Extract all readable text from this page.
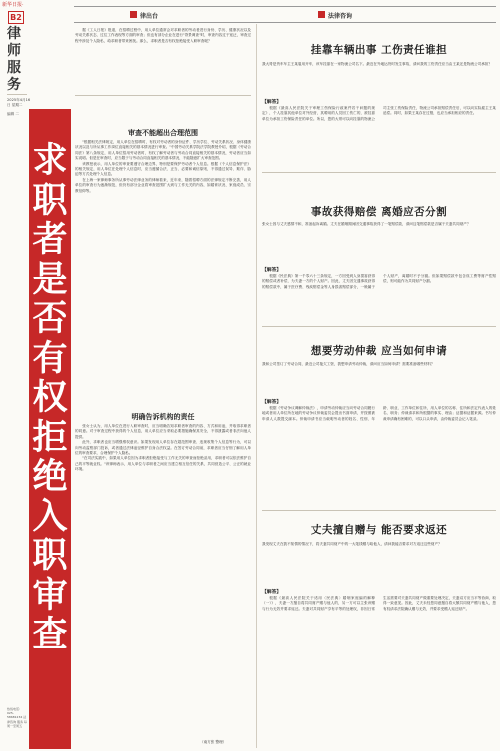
新华日报·
B2
律师服务
2025年4月16日 星期二
编辑 二
热线电话：025-58681234 法律咨询 服务 每周一至周五
求职者是否有权拒绝入职审查
律出台	法律咨询

据《工人日报》报道，在招聘过程中，用人单位通常会对求职者的劳动者进行身份、学历、健康状况以及劳动关系状态、过往工作表现等方面的审查；但也有部分企业在进行"背景调查"时，审查内容过于宽泛，审查过程中涉及个人隐私，给求职者带来困扰。那么，求职者是否有权拒绝接受入职审查呢？

审查不能超出合理范围

"根据相关法律规定，用人单位在招聘时，有权对劳动者的身份证件、学历学位、劳动关系状况、身体健康状况以及与所从事工作岗位直接相关的基本情况进行审查。"中国劳动关系学院法学院教授介绍，根据《劳动合同法》第八条规定，用人单位招用劳动者时，有权了解劳动者与劳动合同直接相关的基本情况，劳动者应当如实说明。但是在审查时，应当限于与劳动合同直接相关的基本情况，不能随意扩大审查范围。

该教授表示，用人单位的审查要遵守合理边界，特别是要保护劳动者个人信息。根据《个人信息保护法》的相关规定，用人单位在处理个人信息时，应当遵循合法、正当、必要和诚信原则，不得通过误导、欺诈、胁迫等方式处理个人信息。

在上海一家律师事务所从事劳动法律业务的律师看来，近年来，随着招聘方面的法律规定不断完善，用人单位的审查行为逐渐规范，但仍有部分企业将审查范围扩大到与工作无关的内容，如婚育状况、家庭成员、宗教信仰等。

明确告诉机构的责任

张女士认为，用人单位在进行入职审查时，应当明确告知求职者审查的内容、方式和用途，并取得求职者的同意。对于审查过程中获得的个人信息，用人单位应当采取必要措施确保其安全，不得泄露或者非法向他人提供。

此外，求职者也应当增强维权意识。如果发现用人单位存在超范围审查、违规收集个人信息等行为，可以向劳动监察部门投诉，或者通过法律途径维护自身合法权益。在签订劳动合同前，求职者应当仔细了解用人单位的审查要求，合理保护个人隐私。

"在司法实践中，如果用人单位因为求职者拒绝接受与工作无关的审查而拒绝录用，求职者可以依法维护自己的平等就业权。"该律师表示，用人单位与求职者之间应当建立相互信任的关系，共同营造公平、公正的就业环境。

（南方张 整理）
挂靠车辆出事 工伤责任谁担
我大哥是货车车主王某雇用开车，该车挂靠在一家物流公司名下。最近在外地运货时发生事故，请问我的工伤责任应当由王某还是物流公司承担？
【解答】

根据《最高人民法院关于审理工伤保险行政案件若干问题的规定》，个人挂靠其他单位对外经营，其聘用的人员因工伤亡的，被挂靠单位为承担工伤保险责任的单位。所以，您的大哥可以向挂靠的物流公司主张工伤保险责任，物流公司承担赔偿责任后，可以向实际雇主王某追偿。同时，如果王某存在过错，也应当承担相应的责任。

事故获得赔偿 离婚应否分割
张女士因与丈夫感情不和，准备起诉离婚。丈夫在婚姻期间因交通事故获得了一笔赔偿款，请问这笔赔偿款是否属于夫妻共同财产？
【解答】

根据《民法典》第一千零六十三条规定，一方因受到人身损害获得的赔偿或者补偿，为夫妻一方的个人财产。因此，丈夫因交通事故获得的赔偿款中，属于医疗费、残疾赔偿金等人身损害赔偿部分，一般属于个人财产，离婚时不予分割。但如果赔偿款中包含误工费等财产性赔偿，则可能作为共同财产分割。

想要劳动仲裁 应当如何申请
我和公司签订了劳动合同，最近公司拖欠工资，我想申请劳动仲裁，请问应当如何申请？需要准备哪些材料？
【解答】

根据《劳动争议调解仲裁法》，申请劳动仲裁应当向劳动合同履行地或者用人单位所在地的劳动争议仲裁委员会提出书面申请，并按照被申请人人数提交副本。仲裁申请书应当载明劳动者的姓名、性别、年龄、职业、工作单位和住所，用人单位的名称、住所和法定代表人的姓名、职务；仲裁请求和所根据的事实、理由；证据和证据来源。书写仲裁申请确有困难的，可以口头申请，由仲裁委员会记入笔录。

丈夫擅自赠与 能否要求返还
我发现丈夫在我不知情的情况下，将夫妻共同财产中的一大笔钱赠与给他人，请问我能否要求对方返还这些财产？
【解答】

根据《最高人民法院关于适用〈民法典〉婚姻家庭编的解释（一）》，夫妻一方擅自将共同财产赠与他人的，另一方可以主张该赠与行为无效并要求返还。夫妻对共同财产享有平等的处理权，非因日常生活需要对夫妻共同财产做重要处理决定，夫妻双方应当平等协商，取得一致意见。因此，丈夫未经您同意擅自将大额共同财产赠与他人，您有权请求法院确认赠与无效，并要求受赠人返还财产。
